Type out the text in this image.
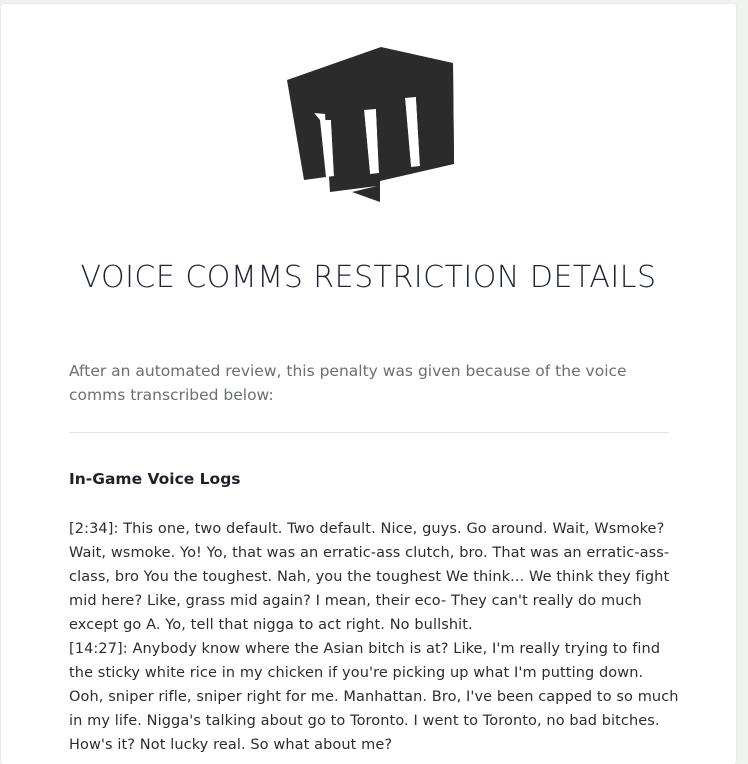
VOICE COMMS RESTRICTION DETAILS

After an automated review, this penalty was given because of the voice comms transcribed below:

In-Game Voice Logs

[2:34]: This one, two default. Two default. Nice, guys. Go around. Wait, Wsmoke? Wait, wsmoke. Yo! Yo, that was an erratic-ass clutch, bro. That was an erratic-ass-class, bro You the toughest. Nah, you the toughest We think... We think they fight mid here? Like, grass mid again? I mean, their eco- They can't really do much except go A. Yo, tell that nigga to act right. No bullshit.

[14:27]: Anybody know where the Asian bitch is at? Like, I'm really trying to find the sticky white rice in my chicken if you're picking up what I'm putting down. Ooh, sniper rifle, sniper right for me. Manhattan. Bro, I've been capped to so much in my life. Nigga's talking about go to Toronto. I went to Toronto, no bad bitches. How's it? Not lucky real. So what about me?
